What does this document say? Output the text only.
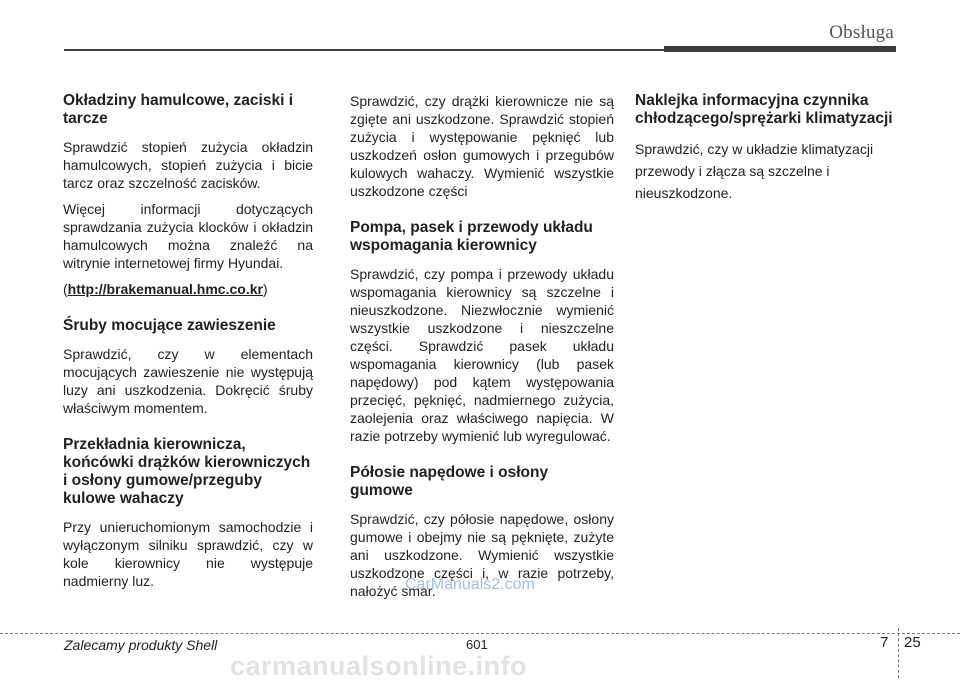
Obsługa
Okładziny hamulcowe, zaciski i tarcze

Sprawdzić stopień zużycia okładzin hamulcowych, stopień zużycia i bicie tarcz oraz szczelność zacisków.

Więcej informacji dotyczących sprawdzania zużycia klocków i okładzin hamulcowych można znaleźć na witrynie internetowej firmy Hyundai.

(http://brakemanual.hmc.co.kr)

Śruby mocujące zawieszenie

Sprawdzić, czy w elementach mocujących zawieszenie nie występują luzy ani uszkodzenia. Dokręcić śruby właściwym momentem.

Przekładnia kierownicza, końcówki drążków kierowniczych i osłony gumowe/przeguby kulowe wahaczy

Przy unieruchomionym samochodzie i wyłączonym silniku sprawdzić, czy w kole kierownicy nie występuje nadmierny luz.

Sprawdzić, czy drążki kierownicze nie są zgięte ani uszkodzone. Sprawdzić stopień zużycia i występowanie pęknięć lub uszkodzeń osłon gumowych i przegubów kulowych wahaczy. Wymienić wszystkie uszkodzone części

Pompa, pasek i przewody układu wspomagania kierownicy

Sprawdzić, czy pompa i przewody układu wspomagania kierownicy są szczelne i nieuszkodzone. Niezwłocznie wymienić wszystkie uszkodzone i nieszczelne części. Sprawdzić pasek układu wspomagania kierownicy (lub pasek napędowy) pod kątem występowania przecięć, pęknięć, nadmiernego zużycia, zaolejenia oraz właściwego napięcia. W razie potrzeby wymienić lub wyregulować.

Półosie napędowe i osłony gumowe

Sprawdzić, czy półosie napędowe, osłony gumowe i obejmy nie są pęknięte, zużyte ani uszkodzone. Wymienić wszystkie uszkodzone części i, w razie potrzeby, nałożyć smar.

Naklejka informacyjna czynnika chłodzącego/sprężarki klimatyzacji

Sprawdzić, czy w układzie klimatyzacji przewody i złącza są szczelne i nieuszkodzone.

Zalecamy produkty Shell	601	7 25
CarManuals2.com
carmanualsonline.info
